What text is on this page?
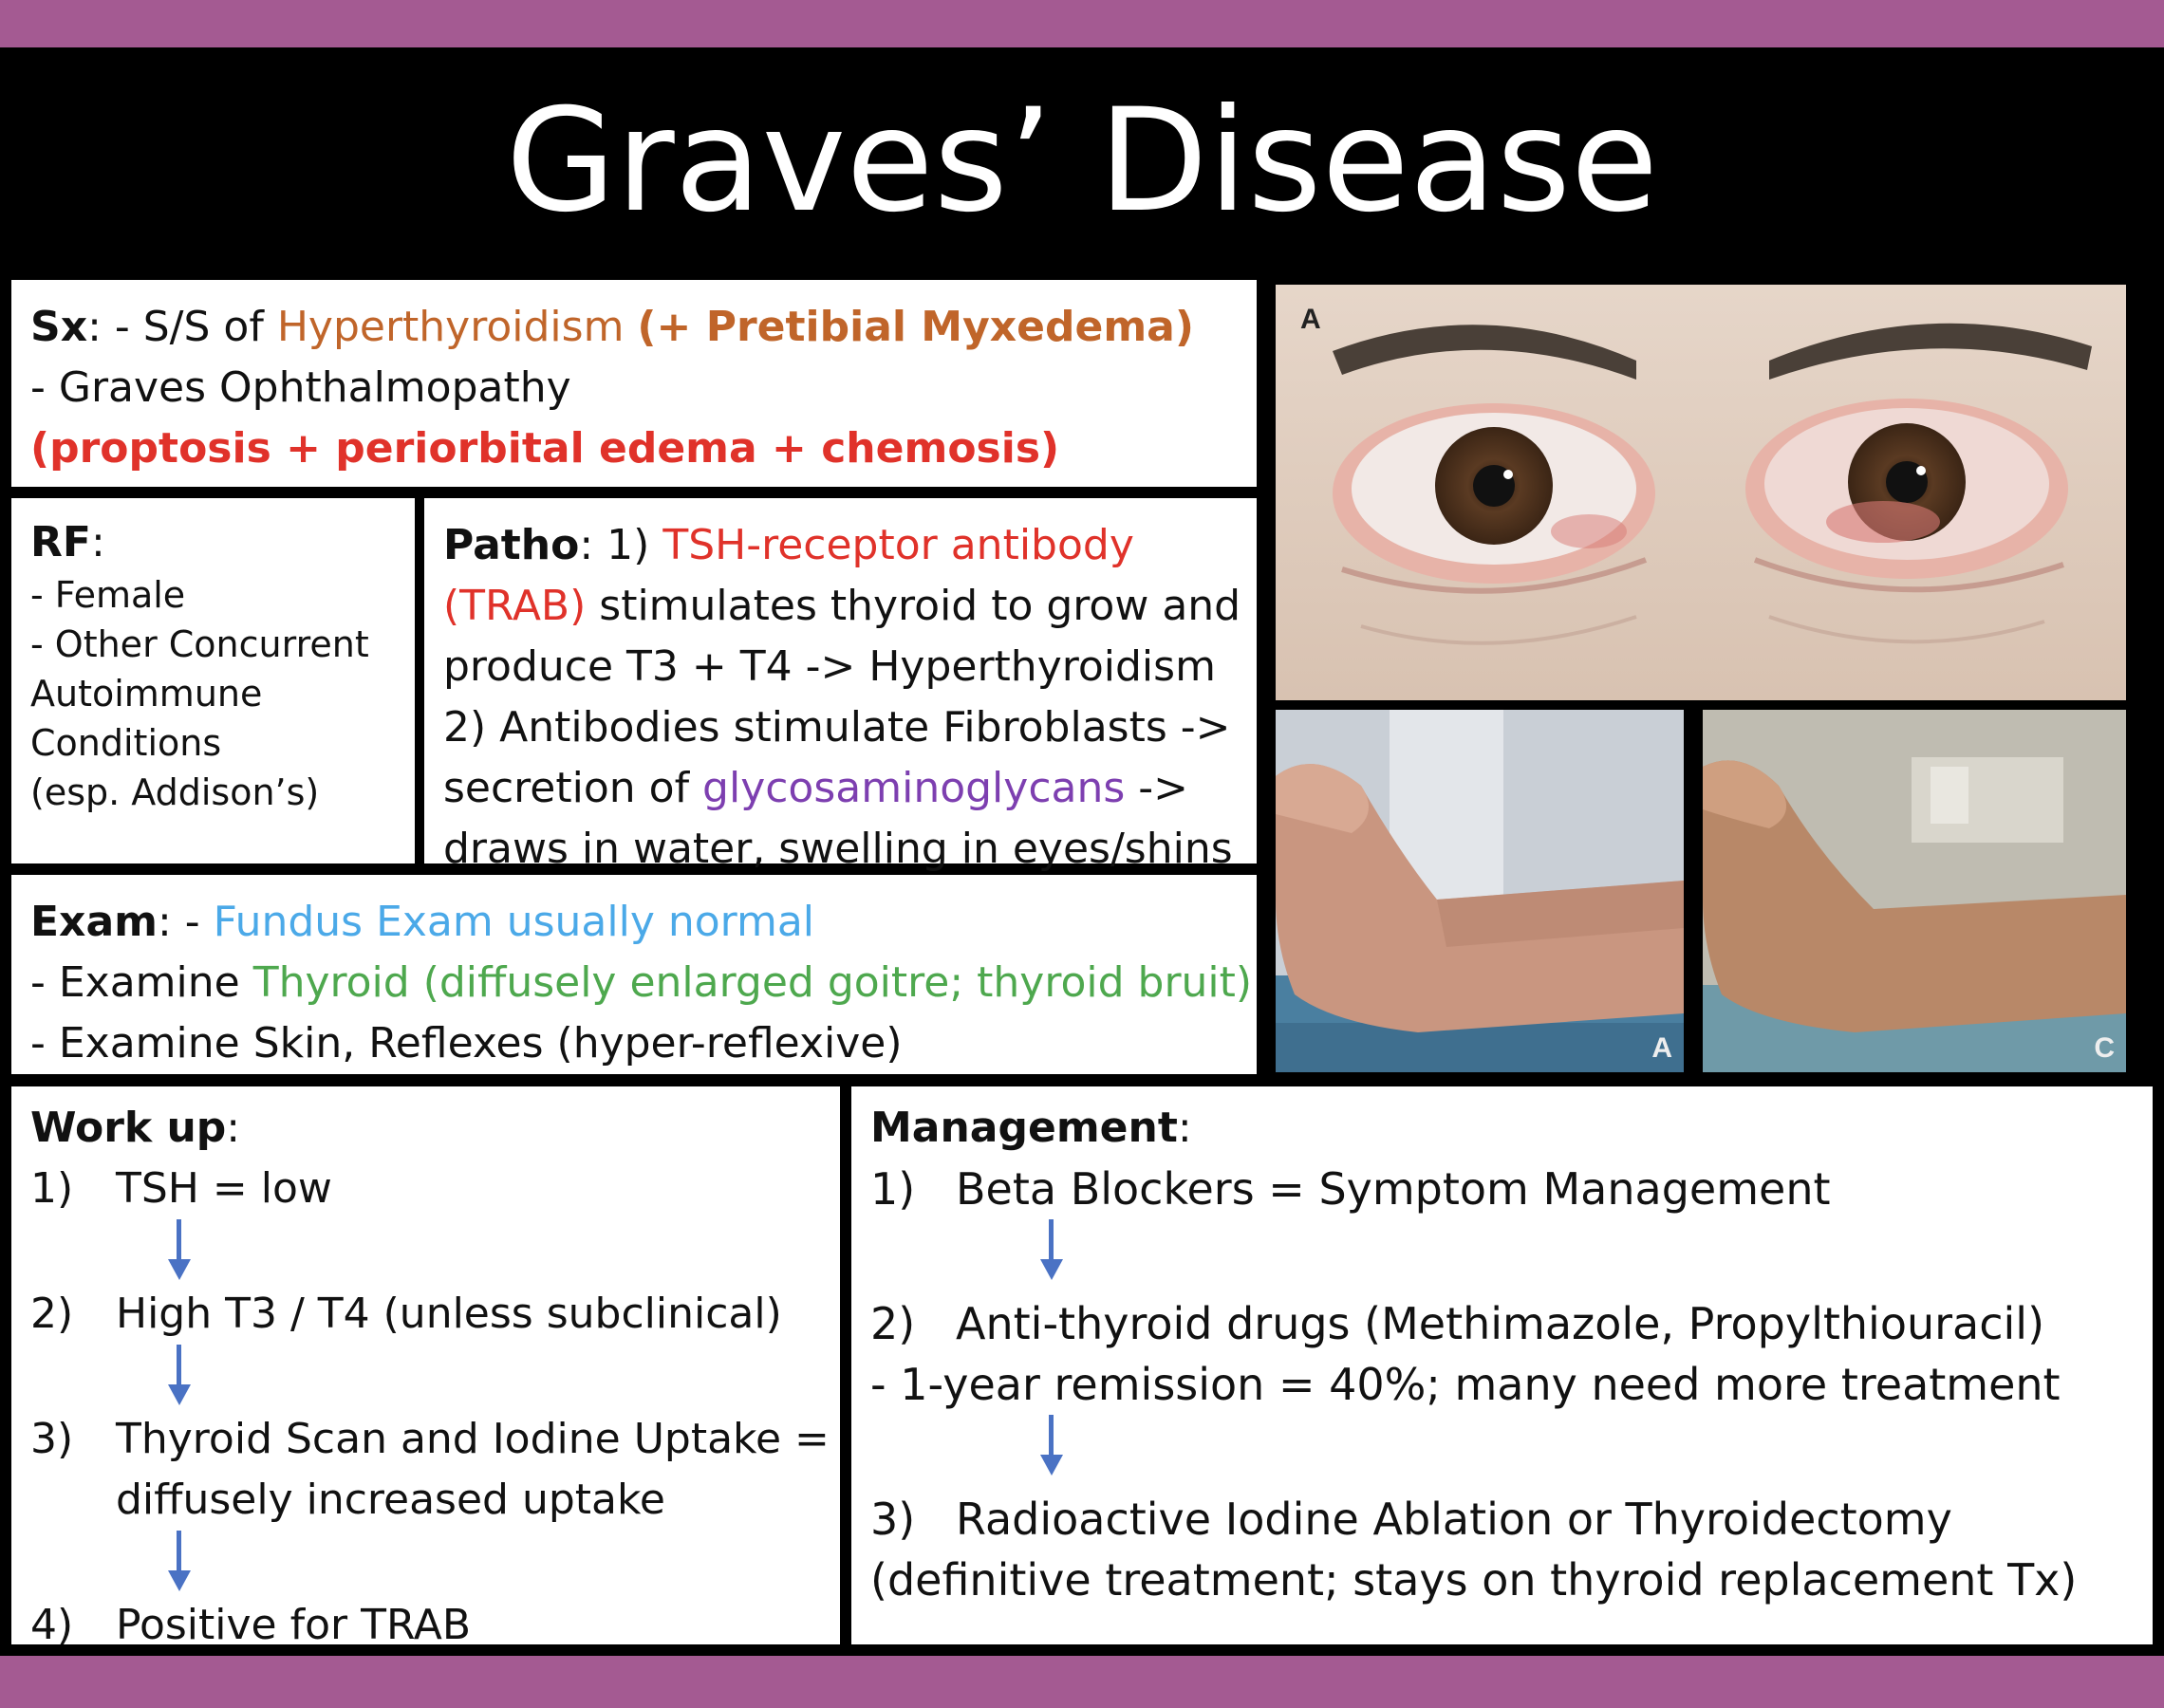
Graves’ Disease
Sx: - S/S of Hyperthyroidism (+ Pretibial Myxedema)
- Graves Ophthalmopathy
(proptosis + periorbital edema + chemosis)
RF:
- Female
- Other Concurrent
Autoimmune
Conditions
(esp. Addison’s)
Patho: 1) TSH-receptor antibody
(TRAB) stimulates thyroid to grow and
produce T3 + T4 -> Hyperthyroidism
2) Antibodies stimulate Fibroblasts ->
secretion of glycosaminoglycans ->
draws in water, swelling in eyes/shins
Exam: - Fundus Exam usually normal
- Examine Thyroid (diffusely enlarged goitre; thyroid bruit)
- Examine Skin, Reflexes (hyper-reflexive)
A
A	C
Work up:
1) TSH = low
2) High T3 / T4 (unless subclinical)
3) Thyroid Scan and Iodine Uptake =
diffusely increased uptake
4) Positive for TRAB
Management:
1) Beta Blockers = Symptom Management
2) Anti-thyroid drugs (Methimazole, Propylthiouracil)
- 1-year remission = 40%; many need more treatment
3) Radioactive Iodine Ablation or Thyroidectomy
(definitive treatment; stays on thyroid replacement Tx)
